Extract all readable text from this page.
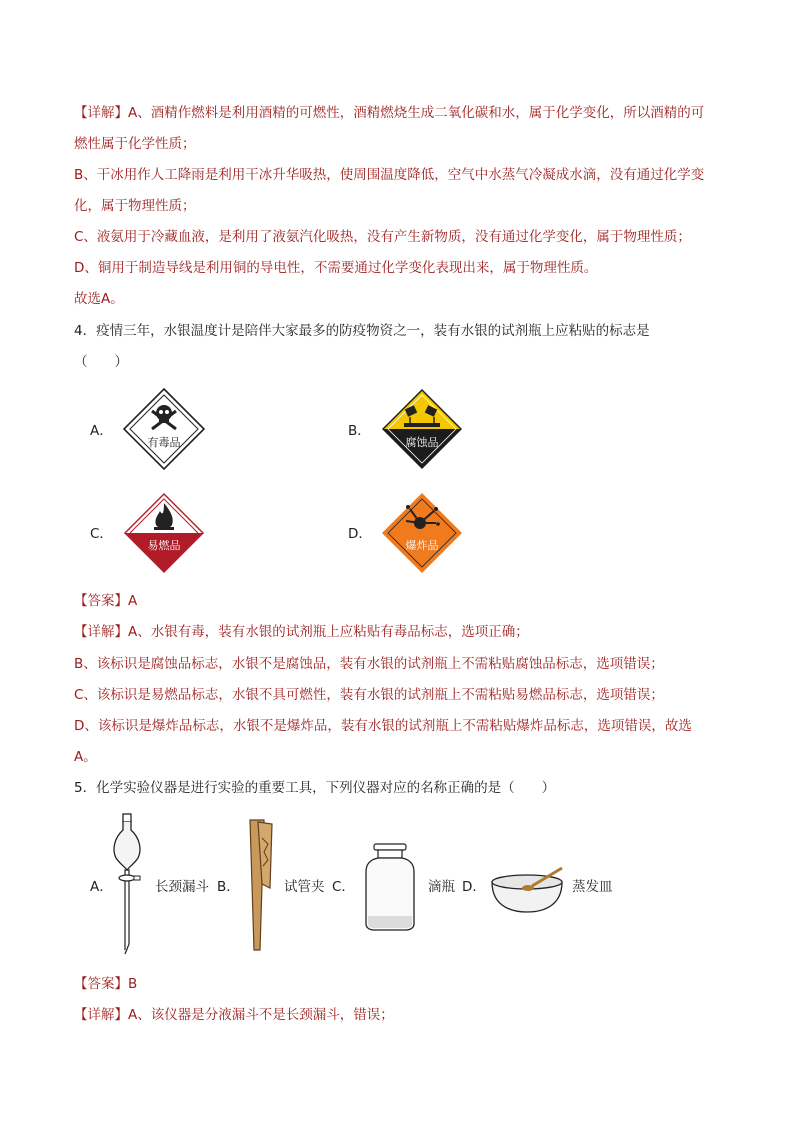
【详解】A、酒精作燃料是利用酒精的可燃性，酒精燃烧生成二氧化碳和水，属于化学变化，所以酒精的可
燃性属于化学性质；
B、干冰用作人工降雨是利用干冰升华吸热，使周围温度降低，空气中水蒸气冷凝成水滴，没有通过化学变
化，属于物理性质；
C、液氨用于冷藏血液，是利用了液氨汽化吸热，没有产生新物质，没有通过化学变化，属于物理性质；
D、铜用于制造导线是利用铜的导电性，不需要通过化学变化表现出来，属于物理性质。
故选A。
4．疫情三年，水银温度计是陪伴大家最多的防疫物资之一，装有水银的试剂瓶上应粘贴的标志是
（　　）
A．
有毒品
B．
腐蚀品
C．
易燃品
D．
爆炸品
【答案】A
【详解】A、水银有毒，装有水银的试剂瓶上应粘贴有毒品标志，选项正确；
B、该标识是腐蚀品标志，水银不是腐蚀品，装有水银的试剂瓶上不需粘贴腐蚀品标志，选项错误；
C、该标识是易燃品标志，水银不具可燃性，装有水银的试剂瓶上不需粘贴易燃品标志，选项错误；
D、该标识是爆炸品标志，水银不是爆炸品，装有水银的试剂瓶上不需粘贴爆炸品标志，选项错误，故选
A。
5．化学实验仪器是进行实验的重要工具，下列仪器对应的名称正确的是（　　）
A．	长颈漏斗 B．	试管夹 C．	滴瓶 D．	蒸发皿
【答案】B
【详解】A、该仪器是分液漏斗不是长颈漏斗，错误；
